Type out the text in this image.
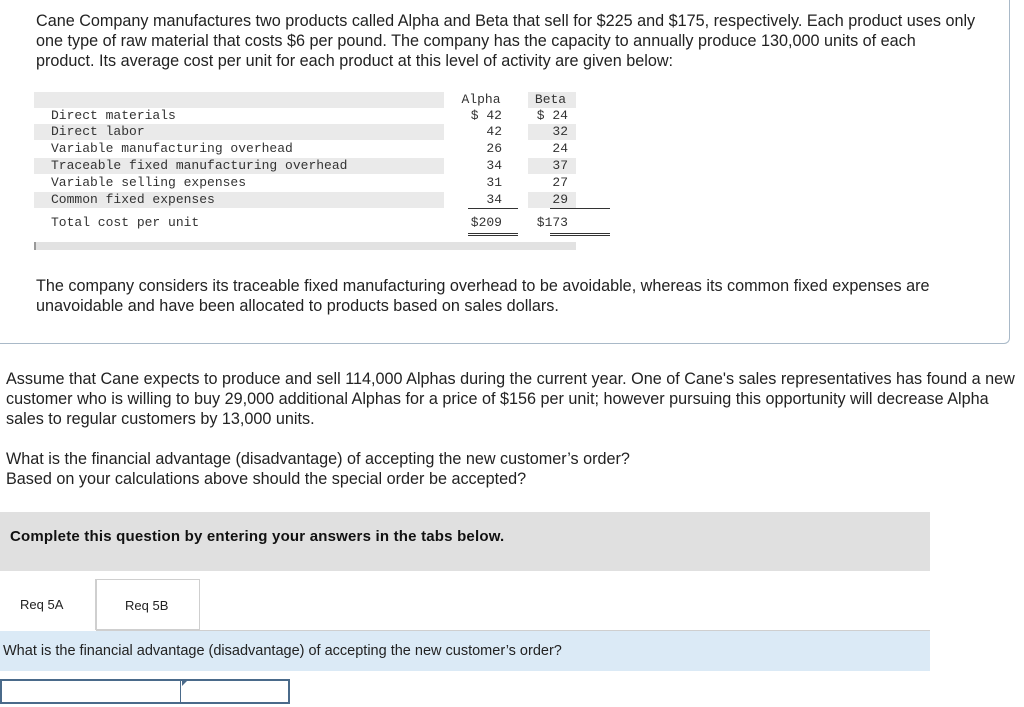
Cane Company manufactures two products called Alpha and Beta that sell for $225 and $175, respectively. Each product uses only one type of raw material that costs $6 per pound. The company has the capacity to annually produce 130,000 units of each product. Its average cost per unit for each product at this level of activity are given below:

Alpha	Beta
Direct materials	$ 42	$ 24
Direct labor	42	32
Variable manufacturing overhead	26	24
Traceable fixed manufacturing overhead	34	37
Variable selling expenses	31	27
Common fixed expenses	34	29
Total cost per unit	$209	$173

The company considers its traceable fixed manufacturing overhead to be avoidable, whereas its common fixed expenses are unavoidable and have been allocated to products based on sales dollars.

Assume that Cane expects to produce and sell 114,000 Alphas during the current year. One of Cane's sales representatives has found a new customer who is willing to buy 29,000 additional Alphas for a price of $156 per unit; however pursuing this opportunity will decrease Alpha sales to regular customers by 13,000 units.

What is the financial advantage (disadvantage) of accepting the new customer’s order?
Based on your calculations above should the special order be accepted?
Complete this question by entering your answers in the tabs below.
Req 5A	Req 5B
What is the financial advantage (disadvantage) of accepting the new customer’s order?
